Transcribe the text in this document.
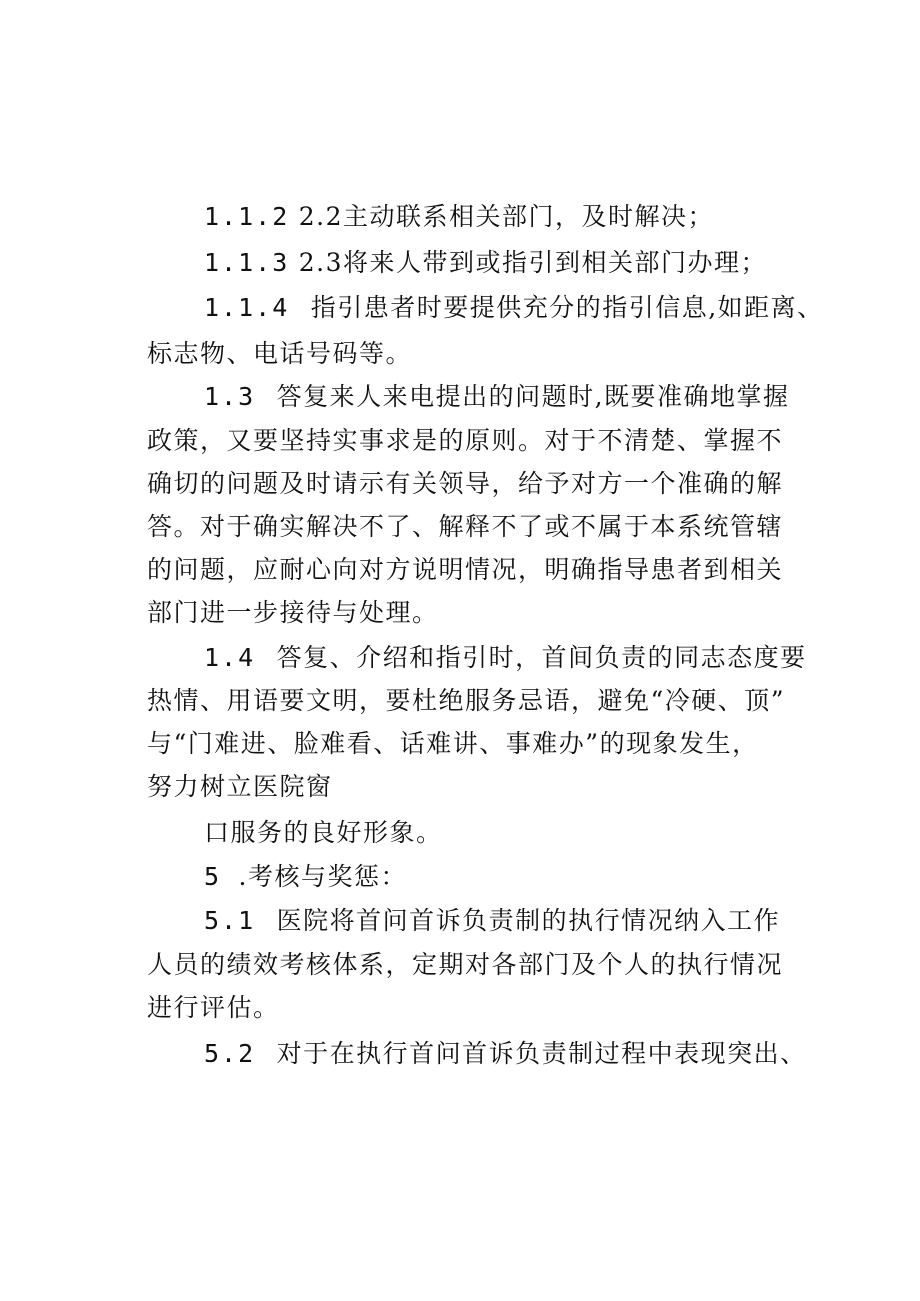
1.1.2 2.2主动联系相关部门，及时解决；
1.1.3 2.3将来人带到或指引到相关部门办理；
1.1.4 指引患者时要提供充分的指引信息,如距离、
标志物、电话号码等。
1.3 答复来人来电提出的问题时,既要准确地掌握
政策，又要坚持实事求是的原则。对于不清楚、掌握不
确切的问题及时请示有关领导，给予对方一个准确的解
答。对于确实解决不了、解释不了或不属于本系统管辖
的问题，应耐心向对方说明情况，明确指导患者到相关
部门进一步接待与处理。
1.4 答复、介绍和指引时，首间负责的同志态度要
热情、用语要文明，要杜绝服务忌语，避免“冷硬、顶”
与“门难进、脸难看、话难讲、事难办”的现象发生，
努力树立医院窗
口服务的良好形象。
5 .考核与奖惩：
5.1 医院将首问首诉负责制的执行情况纳入工作
人员的绩效考核体系，定期对各部门及个人的执行情况
进行评估。
5.2 对于在执行首问首诉负责制过程中表现突出、
